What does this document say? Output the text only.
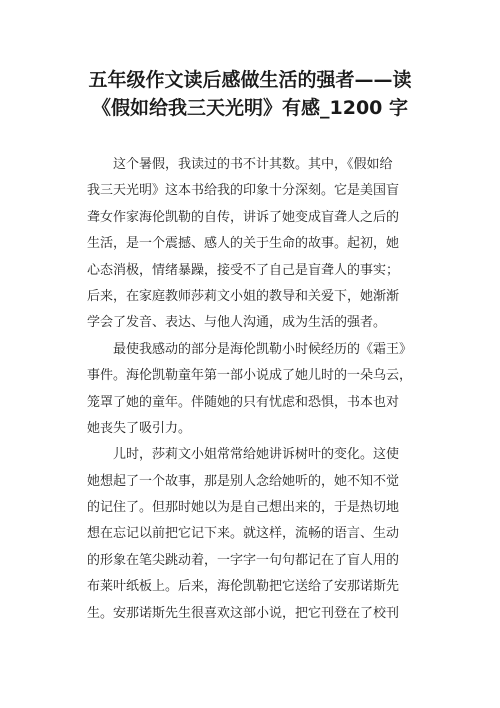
五年级作文读后感做生活的强者——读
《假如给我三天光明》有感_1200 字
这个暑假，我读过的书不计其数。其中，《假如给
我三天光明》这本书给我的印象十分深刻。它是美国盲
聋女作家海伦凯勒的自传，讲诉了她变成盲聋人之后的
生活，是一个震撼、感人的关于生命的故事。起初，她
心态消极，情绪暴躁，接受不了自己是盲聋人的事实；
后来，在家庭教师莎莉文小姐的教导和关爱下，她渐渐
学会了发音、表达、与他人沟通，成为生活的强者。
最使我感动的部分是海伦凯勒小时候经历的《霜王》
事件。海伦凯勒童年第一部小说成了她儿时的一朵乌云，
笼罩了她的童年。伴随她的只有忧虑和恐惧，书本也对
她丧失了吸引力。
儿时，莎莉文小姐常常给她讲诉树叶的变化。这使
她想起了一个故事，那是别人念给她听的，她不知不觉
的记住了。但那时她以为是自己想出来的，于是热切地
想在忘记以前把它记下来。就这样，流畅的语言、生动
的形象在笔尖跳动着，一字字一句句都记在了盲人用的
布莱叶纸板上。后来，海伦凯勒把它送给了安那诺斯先
生。安那诺斯先生很喜欢这部小说，把它刊登在了校刊
